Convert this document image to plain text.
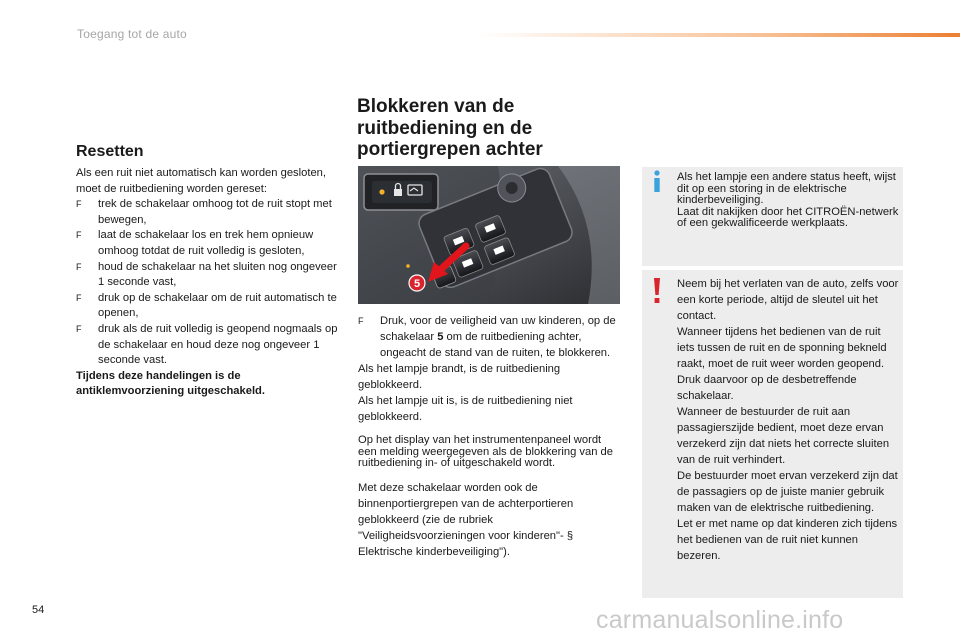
Toegang tot de auto
Resetten

Als een ruit niet automatisch kan worden gesloten, moet de ruitbediening worden gereset:

F trek de schakelaar omhoog tot de ruit stopt met bewegen,

F laat de schakelaar los en trek hem opnieuw omhoog totdat de ruit volledig is gesloten,

F houd de schakelaar na het sluiten nog ongeveer 1 seconde vast,

F druk op de schakelaar om de ruit automatisch te openen,

F druk als de ruit volledig is geopend nogmaals op de schakelaar en houd deze nog ongeveer 1 seconde vast.

Tijdens deze handelingen is de antiklemvoorziening uitgeschakeld.

Blokkeren van de ruitbediening en de portiergrepen achter
5

F Druk, voor de veiligheid van uw kinderen, op de schakelaar 5 om de ruitbediening achter, ongeacht de stand van de ruiten, te blokkeren.

Als het lampje brandt, is de ruitbediening geblokkeerd.

Als het lampje uit is, is de ruitbediening niet geblokkeerd.

Op het display van het instrumentenpaneel wordt een melding weergegeven als de blokkering van de ruitbediening in- of uitgeschakeld wordt.

Met deze schakelaar worden ook de binnenportiergrepen van de achterportieren geblokkeerd (zie de rubriek "Veiligheidsvoorzieningen voor kinderen"- § Elektrische kinderbeveiliging").

Als het lampje een andere status heeft, wijst dit op een storing in de elektrische kinderbeveiliging.
Laat dit nakijken door het CITROËN-netwerk of een gekwalificeerde werkplaats.
Neem bij het verlaten van de auto, zelfs voor een korte periode, altijd de sleutel uit het contact.
Wanneer tijdens het bedienen van de ruit iets tussen de ruit en de sponning bekneld raakt, moet de ruit weer worden geopend. Druk daarvoor op de desbetreffende schakelaar.
Wanneer de bestuurder de ruit aan passagierszijde bedient, moet deze ervan verzekerd zijn dat niets het correcte sluiten van de ruit verhindert.
De bestuurder moet ervan verzekerd zijn dat de passagiers op de juiste manier gebruik maken van de elektrische ruitbediening.
Let er met name op dat kinderen zich tijdens het bedienen van de ruit niet kunnen bezeren.
54	carmanualsonline.info
